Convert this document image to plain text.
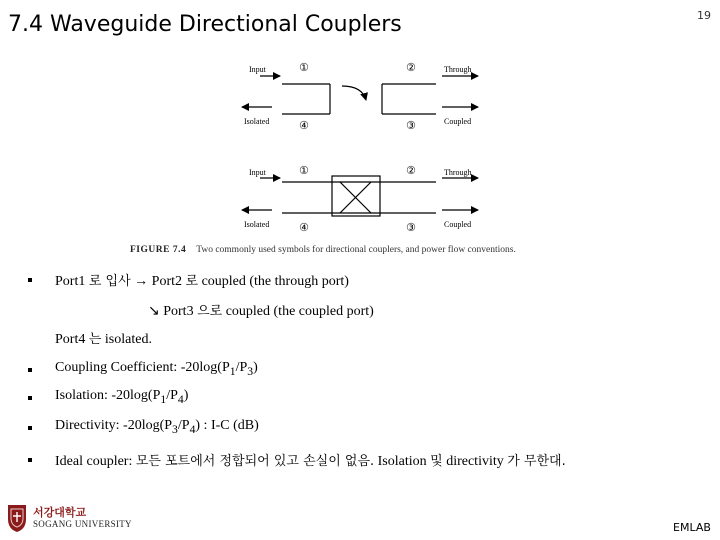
7.4 Waveguide Directional Couplers	19
Input	Through
Isolated	Coupled
Input	Through
Isolated	Coupled
①	②
④	③
①	②
④	③
FIGURE 7.4 Two commonly used symbols for directional couplers, and power flow conventions.
Port1 로 입사 → Port2 로 coupled (the through port)
↘ Port3 으로 coupled (the coupled port)
Port4 는 isolated.
Coupling Coefficient: $-20\log(P_1/P_3)$
Isolation: $-20\log(P_1/P_4)$
Directivity: $-20\log(P_3/P_4)$ : I-C (dB)
Ideal coupler: 모든 포트에서 정합되어 있고 손실이 없음. Isolation 및 directivity 가 무한대.
서강대학교
SOGANG UNIVERSITY	EMLAB
